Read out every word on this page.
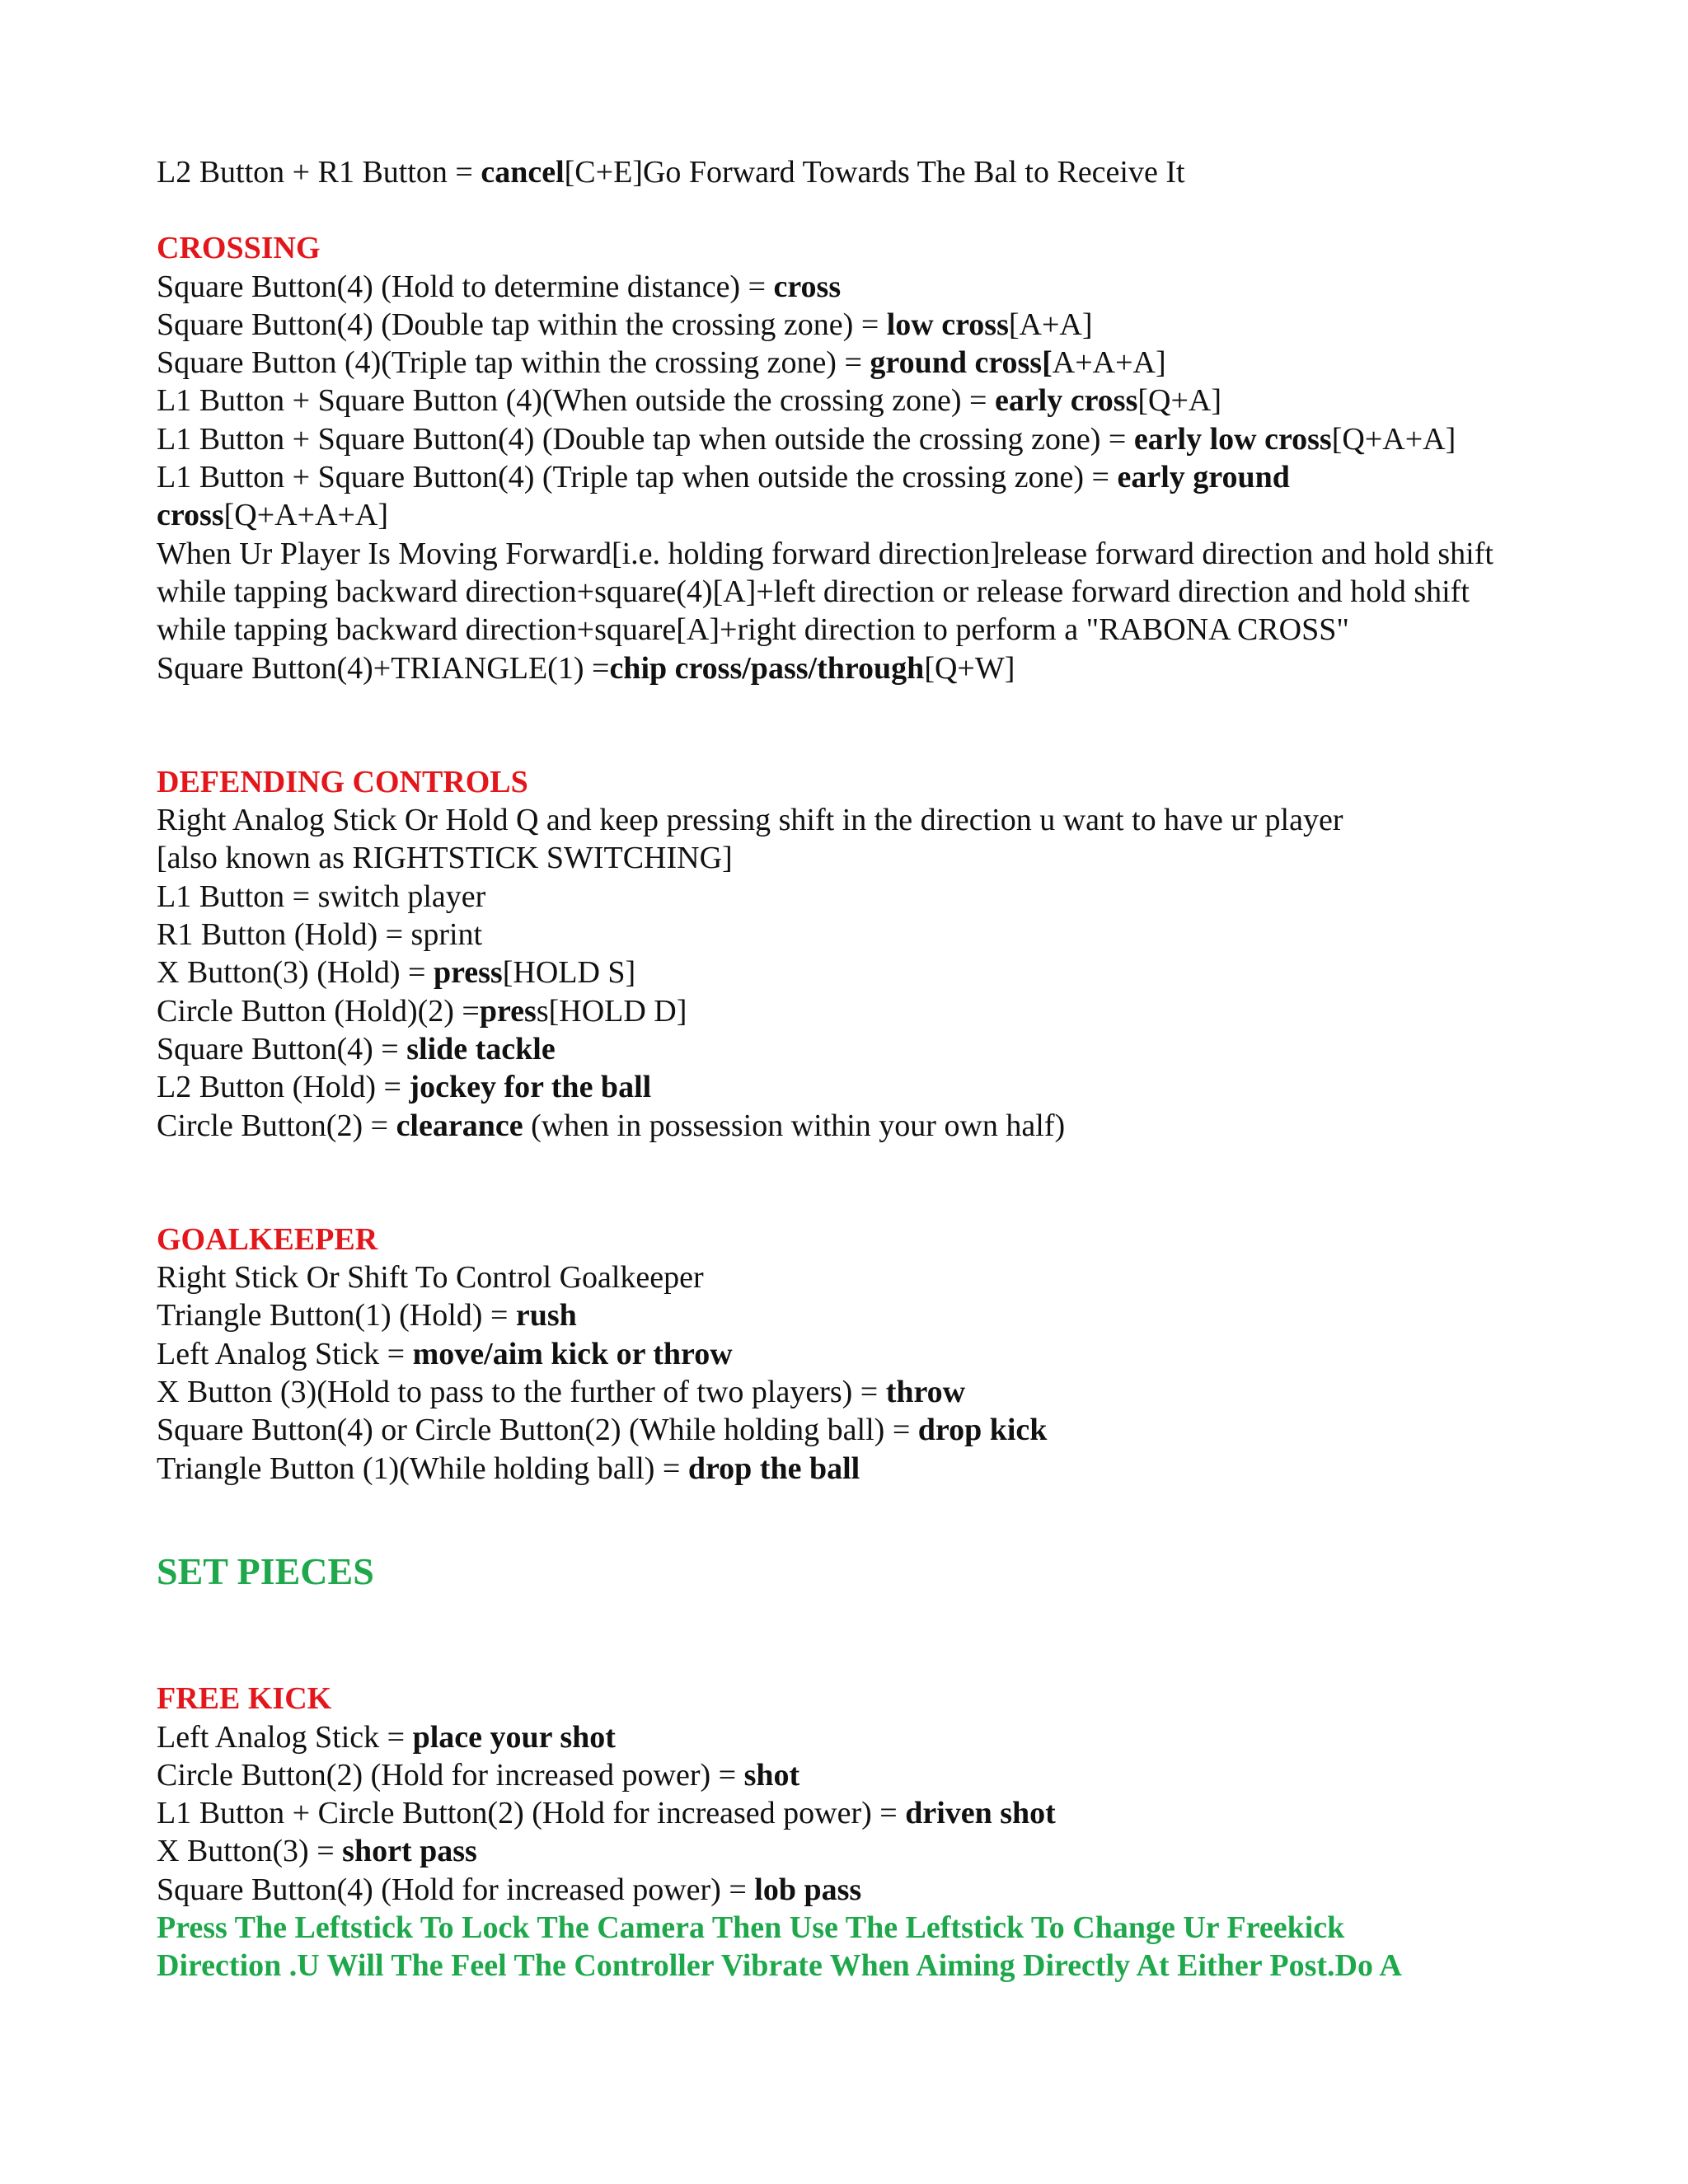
L2 Button + R1 Button = cancel[C+E]Go Forward Towards The Bal to Receive It
CROSSING
Square Button(4) (Hold to determine distance) = cross
Square Button(4) (Double tap within the crossing zone) = low cross[A+A]
Square Button (4)(Triple tap within the crossing zone) = ground cross[A+A+A]
L1 Button + Square Button (4)(When outside the crossing zone) = early cross[Q+A]
L1 Button + Square Button(4) (Double tap when outside the crossing zone) = early low cross[Q+A+A]
L1 Button + Square Button(4) (Triple tap when outside the crossing zone) = early ground
cross[Q+A+A+A]
When Ur Player Is Moving Forward[i.e. holding forward direction]release forward direction and hold shift while tapping backward direction+square(4)[A]+left direction or release forward direction and hold shift while tapping backward direction+square[A]+right direction to perform a "RABONA CROSS"
Square Button(4)+TRIANGLE(1) =chip cross/pass/through[Q+W]
DEFENDING CONTROLS
Right Analog Stick Or Hold Q and keep pressing shift in the direction u want to have ur player
[also known as RIGHTSTICK SWITCHING]
L1 Button = switch player
R1 Button (Hold) = sprint
X Button(3) (Hold) = press[HOLD S]
Circle Button (Hold)(2) =press[HOLD D]
Square Button(4) = slide tackle
L2 Button (Hold) = jockey for the ball
Circle Button(2) = clearance (when in possession within your own half)
GOALKEEPER
Right Stick Or Shift To Control Goalkeeper
Triangle Button(1) (Hold) = rush
Left Analog Stick = move/aim kick or throw
X Button (3)(Hold to pass to the further of two players) = throw
Square Button(4) or Circle Button(2) (While holding ball) = drop kick
Triangle Button (1)(While holding ball) = drop the ball
SET PIECES
FREE KICK
Left Analog Stick = place your shot
Circle Button(2) (Hold for increased power) = shot
L1 Button + Circle Button(2) (Hold for increased power) = driven shot
X Button(3) = short pass
Square Button(4) (Hold for increased power) = lob pass
Press The Leftstick To Lock The Camera Then Use The Leftstick To Change Ur Freekick
Direction .U Will The Feel The Controller Vibrate When Aiming Directly At Either Post.Do A
